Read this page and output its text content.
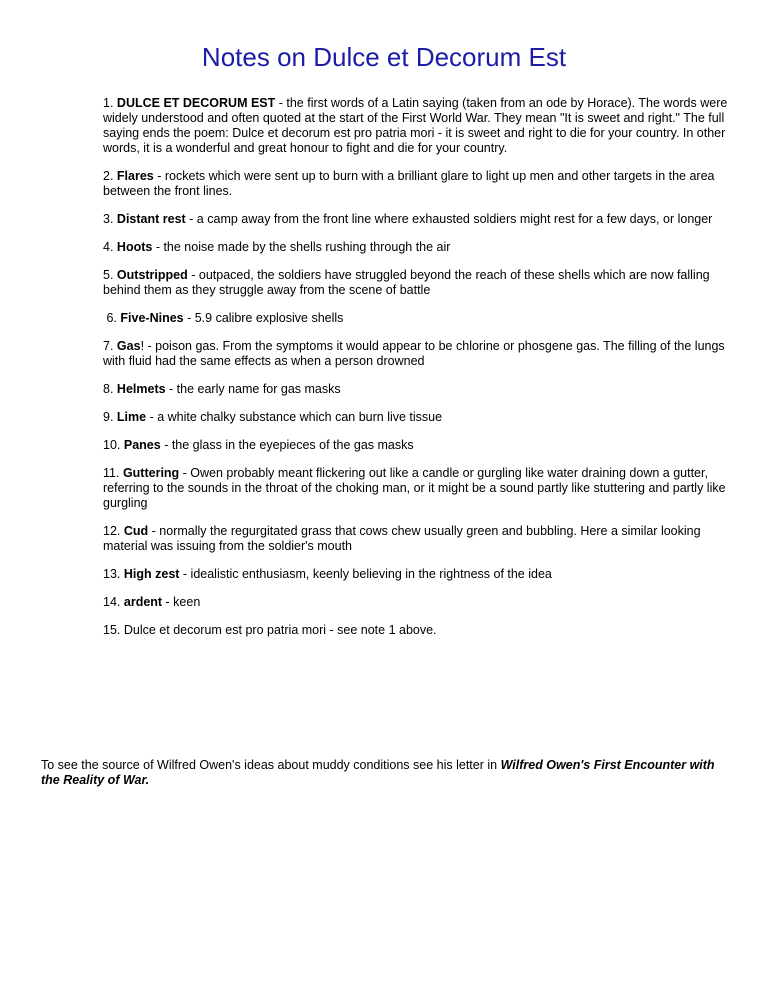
Notes on Dulce et Decorum Est

1. DULCE ET DECORUM EST - the first words of a Latin saying (taken from an ode by Horace). The words were widely understood and often quoted at the start of the First World War. They mean "It is sweet and right." The full saying ends the poem: Dulce et decorum est pro patria mori - it is sweet and right to die for your country. In other words, it is a wonderful and great honour to fight and die for your country.

2. Flares - rockets which were sent up to burn with a brilliant glare to light up men and other targets in the area between the front lines.

3. Distant rest - a camp away from the front line where exhausted soldiers might rest for a few days, or longer

4. Hoots - the noise made by the shells rushing through the air

5. Outstripped - outpaced, the soldiers have struggled beyond the reach of these shells which are now falling behind them as they struggle away from the scene of battle

6. Five-Nines - 5.9 calibre explosive shells

7. Gas! - poison gas. From the symptoms it would appear to be chlorine or phosgene gas. The filling of the lungs with fluid had the same effects as when a person drowned

8. Helmets - the early name for gas masks

9. Lime - a white chalky substance which can burn live tissue

10. Panes - the glass in the eyepieces of the gas masks

11. Guttering - Owen probably meant flickering out like a candle or gurgling like water draining down a gutter, referring to the sounds in the throat of the choking man, or it might be a sound partly like stuttering and partly like gurgling

12. Cud - normally the regurgitated grass that cows chew usually green and bubbling. Here a similar looking material was issuing from the soldier's mouth

13. High zest - idealistic enthusiasm, keenly believing in the rightness of the idea

14. ardent - keen

15. Dulce et decorum est pro patria mori - see note 1 above.

To see the source of Wilfred Owen's ideas about muddy conditions see his letter in Wilfred Owen's First Encounter with the Reality of War.
